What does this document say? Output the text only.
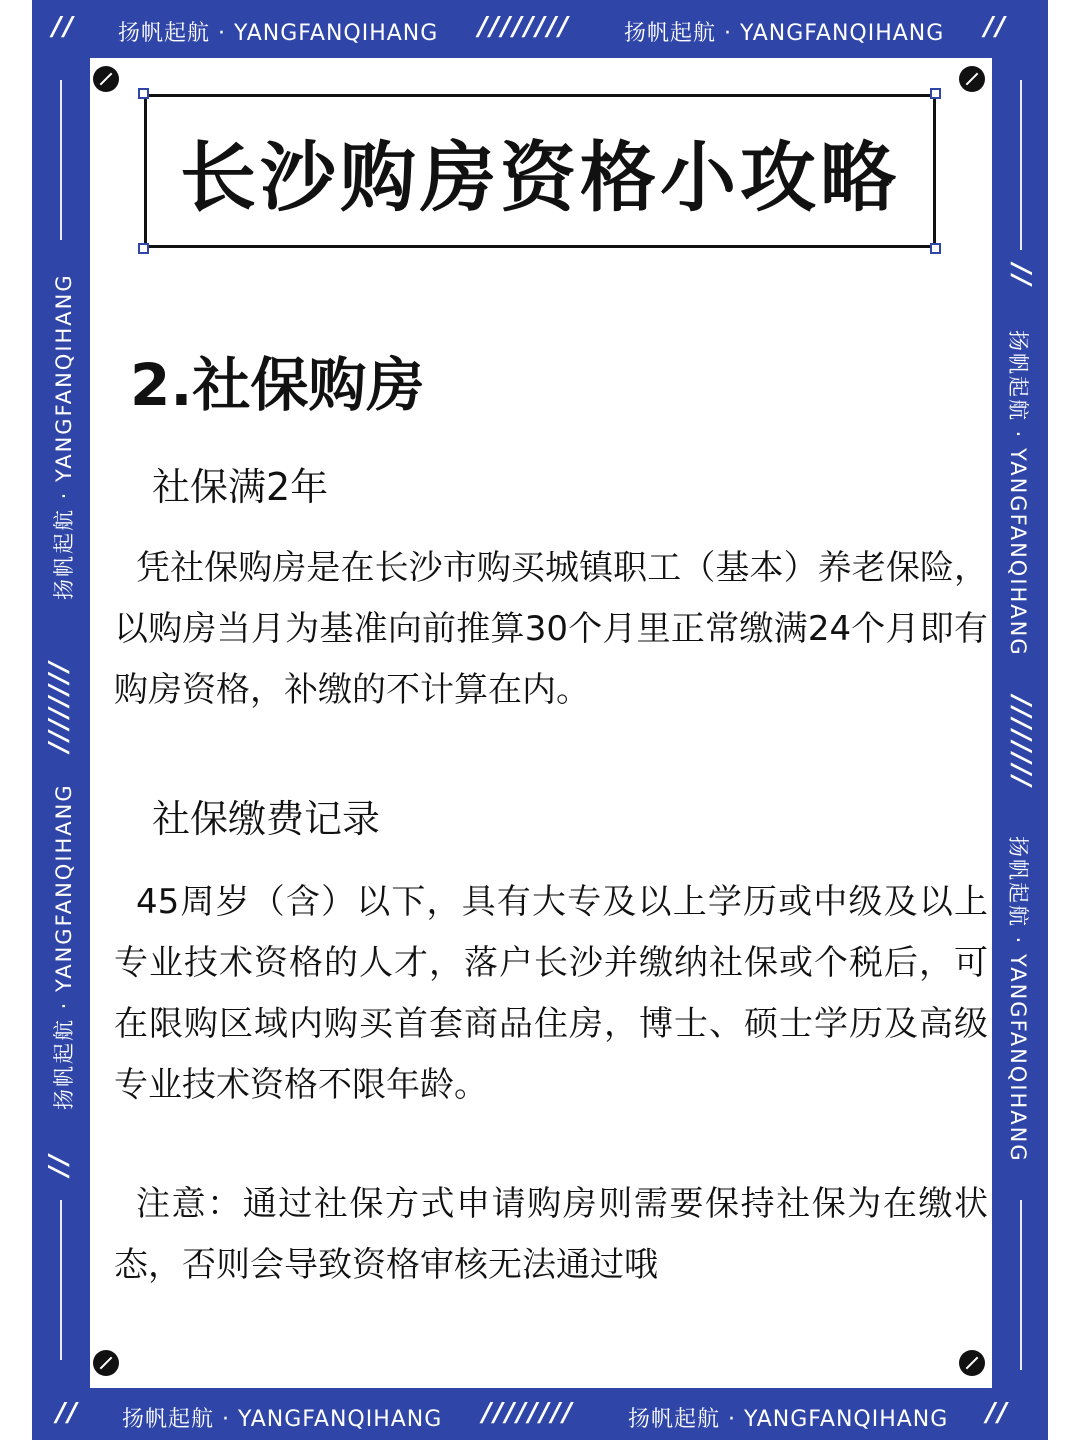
// 扬帆起航 · YANGFANQIHANG //////// 扬帆起航 · YANGFANQIHANG //
// 扬帆起航 · YANGFANQIHANG //////// 扬帆起航 · YANGFANQIHANG //
扬帆起航 · YANGFANQIHANG
////////
扬帆起航 · YANGFANQIHANG
//
//
扬帆起航 · YANGFANQIHANG
////////
扬帆起航 · YANGFANQIHANG
长沙购房资格小攻略
2.社保购房
社保满2年
凭社保购房是在长沙市购买城镇职工（基本）养老保险，以购房当月为基准向前推算30个月里正常缴满24个月即有购房资格，补缴的不计算在内。
社保缴费记录
45周岁（含）以下，具有大专及以上学历或中级及以上专业技术资格的人才，落户长沙并缴纳社保或个税后，可在限购区域内购买首套商品住房，博士、硕士学历及高级专业技术资格不限年龄。
注意：通过社保方式申请购房则需要保持社保为在缴状态，否则会导致资格审核无法通过哦
